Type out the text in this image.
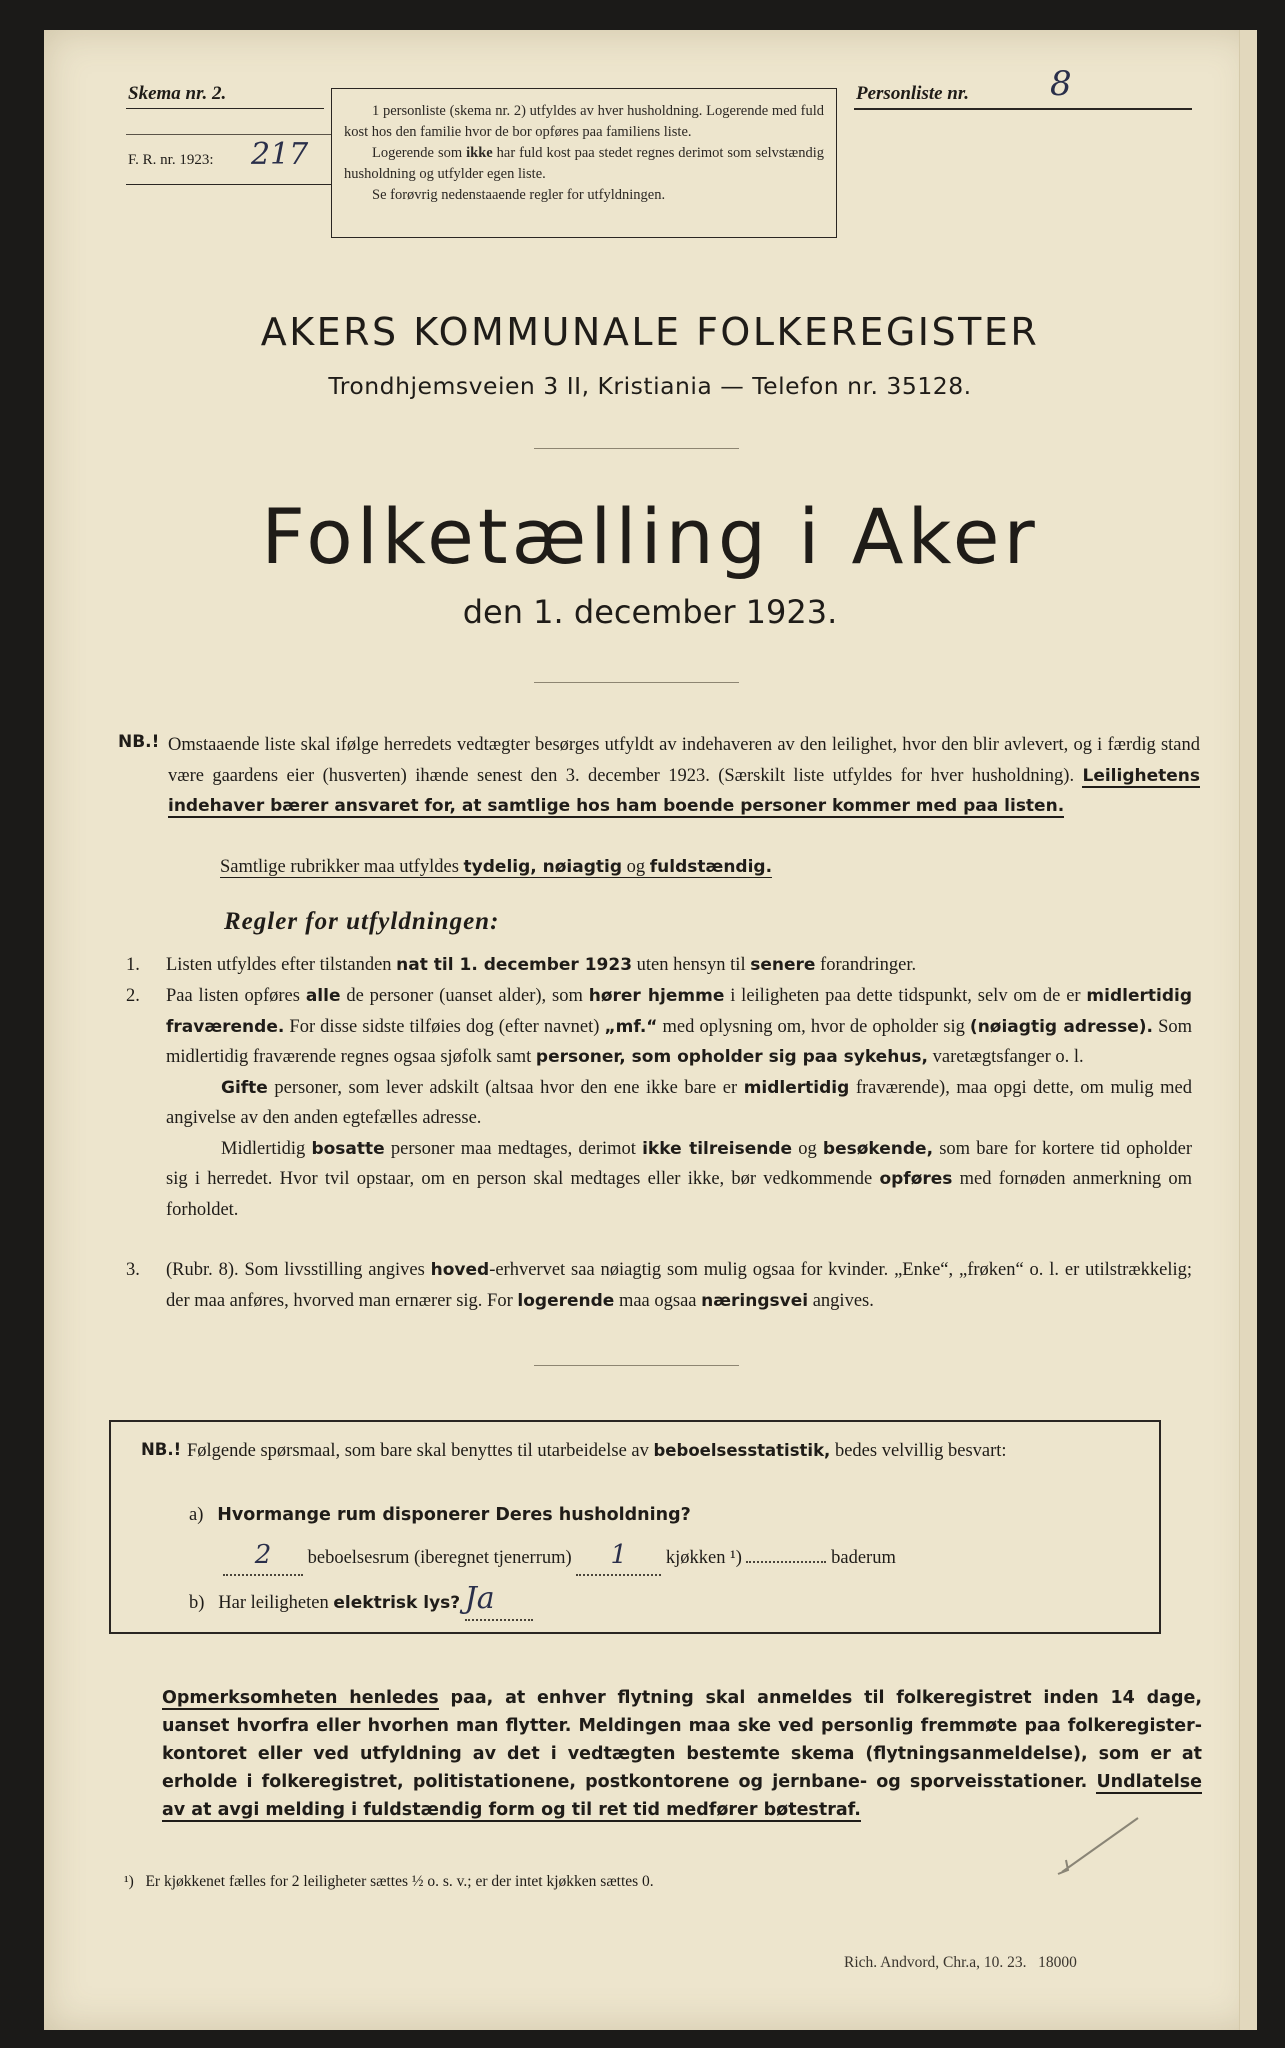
Skema nr. 2.
F. R. nr. 1923: 217

1 personliste (skema nr. 2) utfyldes av hver husholdning. Logerende med fuld kost hos den familie hvor de bor opføres paa familiens liste.

Logerende som ikke har fuld kost paa stedet regnes derimot som selvstændig husholdning og utfylder egen liste.

Se forøvrig nedenstaaende regler for utfyldningen.

Personliste nr. 8
AKERS KOMMUNALE FOLKEREGISTER
Trondhjemsveien 3 II, Kristiania — Telefon nr. 35128.
Folketælling i Aker
den 1. december 1923.
NB.! Omstaaende liste skal ifølge herredets vedtægter besørges utfyldt av indehaveren av den leilighet, hvor den blir avlevert, og i færdig stand være gaardens eier (husverten) ihænde senest den 3. december 1923. (Særskilt liste utfyldes for hver husholdning). Leilighetens indehaver bærer ansvaret for, at samtlige hos ham boende personer kommer med paa listen.
Samtlige rubrikker maa utfyldes tydelig, nøiagtig og fuldstændig.
Regler for utfyldningen:
1. Listen utfyldes efter tilstanden nat til 1. december 1923 uten hensyn til senere forandringer.
2. Paa listen opføres alle de personer (uanset alder), som hører hjemme i leiligheten paa dette tidspunkt, selv om de er midlertidig fraværende. For disse sidste tilføies dog (efter navnet) „mf.“ med oplysning om, hvor de opholder sig (nøiagtig adresse). Som midlertidig fraværende regnes ogsaa sjøfolk samt personer, som opholder sig paa sykehus, varetægtsfanger o. l.
Gifte personer, som lever adskilt (altsaa hvor den ene ikke bare er midlertidig fraværende), maa opgi dette, om mulig med angivelse av den anden egtefælles adresse.
Midlertidig bosatte personer maa medtages, derimot ikke tilreisende og besøkende, som bare for kortere tid opholder sig i herredet. Hvor tvil opstaar, om en person skal medtages eller ikke, bør vedkommende opføres med fornøden anmerkning om forholdet.
3. (Rubr. 8). Som livsstilling angives hoved-erhvervet saa nøiagtig som mulig ogsaa for kvinder. „Enke“, „frøken“ o. l. er utilstrækkelig; der maa anføres, hvorved man ernærer sig. For logerende maa ogsaa næringsvei angives.
NB.! Følgende spørsmaal, som bare skal benyttes til utarbeidelse av beboelsesstatistik, bedes velvillig besvart:
a) Hvormange rum disponerer Deres husholdning?
2 beboelsesrum (iberegnet tjenerrum) 1 kjøkken ¹)	baderum
b) Har leiligheten elektrisk lys? Ja
Opmerksomheten henledes paa, at enhver flytning skal anmeldes til folkeregistret inden 14 dage, uanset hvorfra eller hvorhen man flytter. Meldingen maa ske ved personlig fremmøte paa folkeregister-kontoret eller ved utfyldning av det i vedtægten bestemte skema (flytningsanmeldelse), som er at erholde i folkeregistret, politistationene, postkontorene og jernbane- og sporveisstationer. Undlatelse av at avgi melding i fuldstændig form og til ret tid medfører bøtestraf.
¹) Er kjøkkenet fælles for 2 leiligheter sættes ½ o. s. v.; er der intet kjøkken sættes 0.
Rich. Andvord, Chr.a, 10. 23.   18000
